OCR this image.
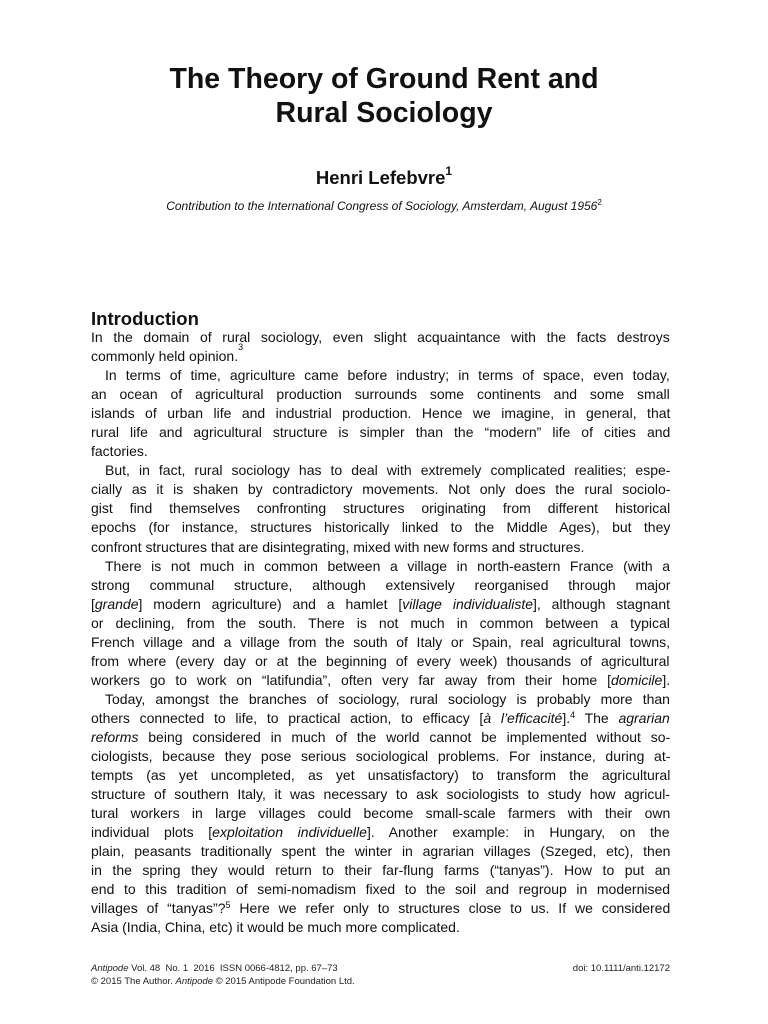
The Theory of Ground Rent and
Rural Sociology
Henri Lefebvre$^1$
Contribution to the International Congress of Sociology, Amsterdam, August 1956$^2$
Introduction
In the domain of rural sociology, even slight acquaintance with the facts destroys
commonly held opinion.
3
In terms of time, agriculture came before industry; in terms of space, even today,
an ocean of agricultural production surrounds some continents and some small
islands of urban life and industrial production. Hence we imagine, in general, that
rural life and agricultural structure is simpler than the “modern” life of cities and
factories.
But, in fact, rural sociology has to deal with extremely complicated realities; espe-
cially as it is shaken by contradictory movements. Not only does the rural sociolo-
gist find themselves confronting structures originating from different historical
epochs (for instance, structures historically linked to the Middle Ages), but they
confront structures that are disintegrating, mixed with new forms and structures.
There is not much in common between a village in north-eastern France (with a
strong communal structure, although extensively reorganised through major
[grande] modern agriculture) and a hamlet [village individualiste], although stagnant
or declining, from the south. There is not much in common between a typical
French village and a village from the south of Italy or Spain, real agricultural towns,
from where (every day or at the beginning of every week) thousands of agricultural
workers go to work on “latifundia”, often very far away from their home [domicile].
Today, amongst the branches of sociology, rural sociology is probably more than
others connected to life, to practical action, to efficacy [à l’efficacité].$^4$ The agrarian
reforms being considered in much of the world cannot be implemented without so-
ciologists, because they pose serious sociological problems. For instance, during at-
tempts (as yet uncompleted, as yet unsatisfactory) to transform the agricultural
structure of southern Italy, it was necessary to ask sociologists to study how agricul-
tural workers in large villages could become small-scale farmers with their own
individual plots [exploitation individuelle]. Another example: in Hungary, on the
plain, peasants traditionally spent the winter in agrarian villages (Szeged, etc), then
in the spring they would return to their far-flung farms (“tanyas”). How to put an
end to this tradition of semi-nomadism fixed to the soil and regroup in modernised
villages of “tanyas”?$^5$ Here we refer only to structures close to us. If we considered
Asia (India, China, etc) it would be much more complicated.
Antipode Vol. 48  No. 1  2016  ISSN 0066-4812, pp. 67–73	doi: 10.1111/anti.12172
© 2015 The Author. Antipode © 2015 Antipode Foundation Ltd.
